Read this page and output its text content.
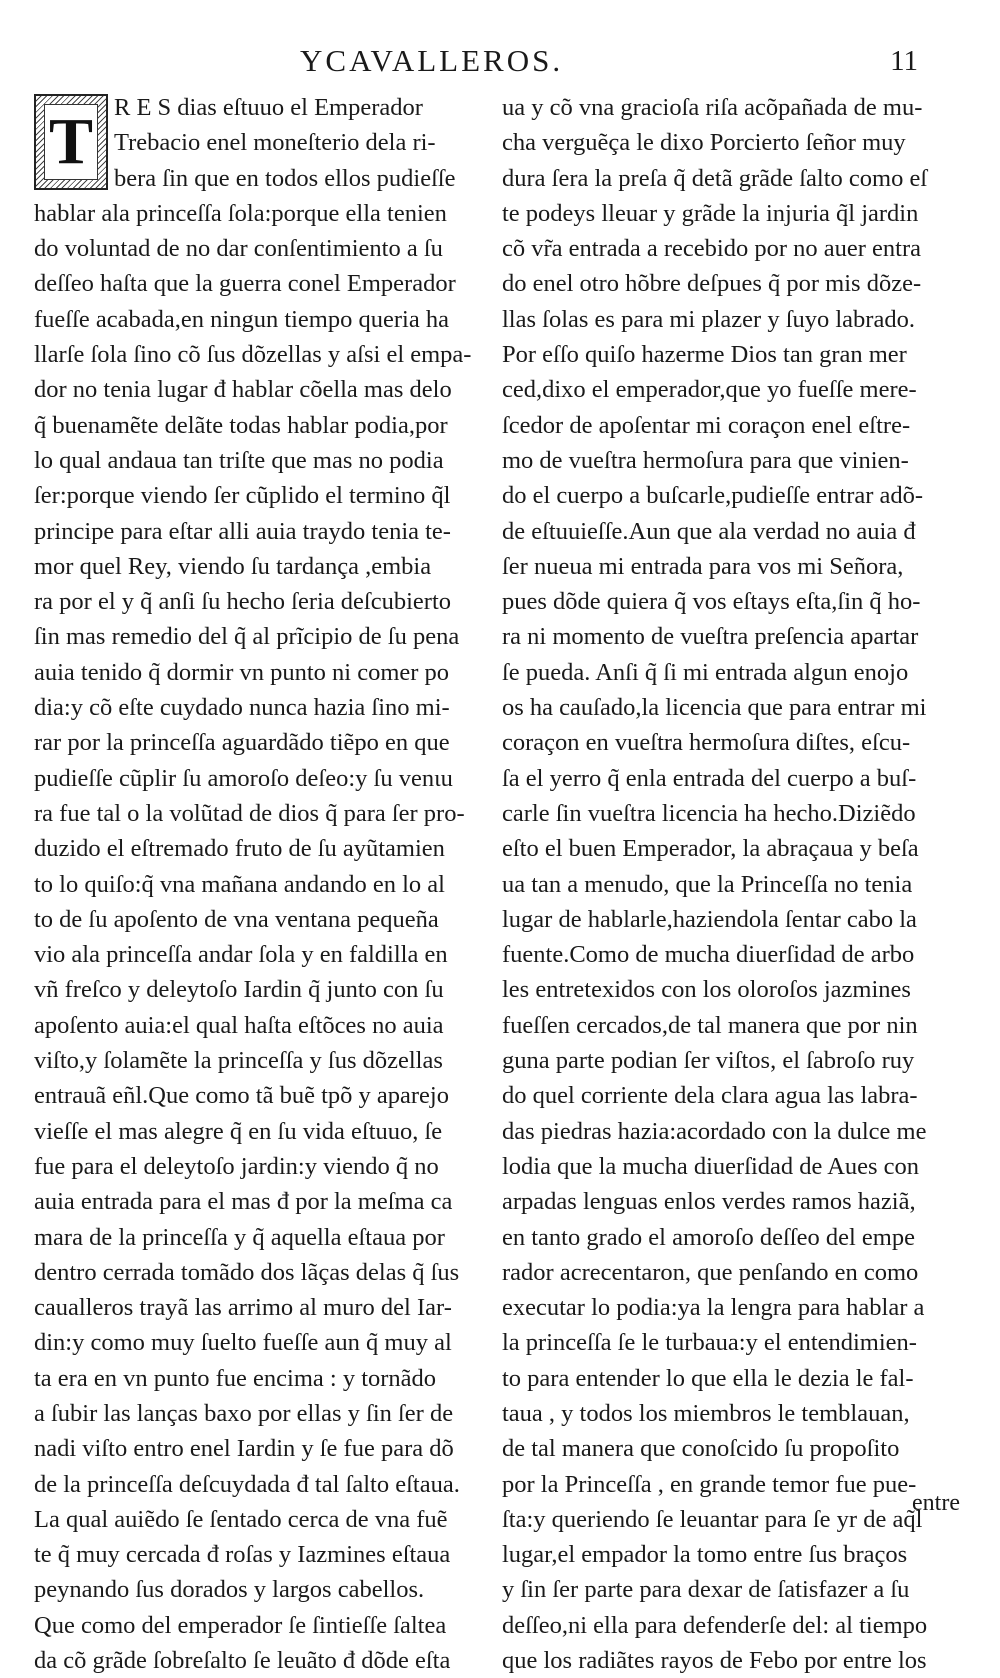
YCAVALLEROS.	11
T R E S dias eſtuuo el Emperador
Trebacio enel moneſterio dela ri-
bera ſin que en todos ellos pudieſſe
hablar ala princeſſa ſola:porque ella tenien
do voluntad de no dar conſentimiento a ſu
deſſeo haſta que la guerra conel Emperador
fueſſe acabada,en ningun tiempo queria ha
llarſe ſola ſino cõ ſus dõzellas y aſsi el empa-
dor no tenia lugar đ hablar cõella mas delo
q̃ buenamẽte delãte todas hablar podia,por
lo qual andaua tan triſte que mas no podia
ſer:porque viendo ſer cũplido el termino q̃l
principe para eſtar alli auia traydo tenia te-
mor quel Rey, viendo ſu tardança ,embia
ra por el y q̃ anſi ſu hecho ſeria deſcubierto
ſin mas remedio del q̃ al prĩcipio de ſu pena
auia tenido q̃ dormir vn punto ni comer po
dia:y cõ eſte cuydado nunca hazia ſino mi-
rar por la princeſſa aguardãdo tiẽpo en que
pudieſſe cũplir ſu amoroſo deſeo:y ſu venιu
ra fue tal o la volũtad de dios q̃ para ſer pro-
duzido el eſtremado fruto de ſu ayũtamien
to lo quiſo:q̃ vna mañana andando en lo al
to de ſu apoſento de vna ventana pequeña
vio ala princeſſa andar ſola y en faldilla en
vñ freſco y deleytoſo Iardin q̃ junto con ſu
apoſento auia:el qual haſta eſtõces no auia
viſto,y ſolamẽte la princeſſa y ſus dõzellas
entrauã eñl.Que como tã buẽ tpõ y aparejo
vieſſe el mas alegre q̃ en ſu vida eſtuuo, ſe
fue para el deleytoſo jardin:y viendo q̃ no
auia entrada para el mas đ por la meſma ca
mara de la princeſſa y q̃ aquella eſtaua por
dentro cerrada tomãdo dos lãças delas q̃ ſus
caualleros trayã las arrimo al muro del Iar-
din:y como muy ſuelto fueſſe aun q̃ muy al
ta era en vn punto fue encima : y tornãdo
a ſubir las lanças baxo por ellas y ſin ſer de
nadi viſto entro enel Iardin y ſe fue para dõ
de la princeſſa deſcuydada đ tal ſalto eſtaua.
La qual auiẽdo ſe ſentado cerca de vna fuẽ
te q̃ muy cercada đ roſas y Iazmines eſtaua
peynando ſus dorados y largos cabellos.
Que como del emperador ſe ſintieſſe ſaltea
da cõ grãde ſobreſalto ſe leuãto đ dõde eſta
ua y cõ vna gracioſa riſa acõpañada de mu-
cha verguẽça le dixo Porcierto ſeñor muy
dura ſera la preſa q̃ detã grãde ſalto como eſ
te podeys lleuar y grãde la injuria q̃l jardin
cõ vr̃a entrada a recebido por no auer entra
do enel otro hõbre deſpues q̃ por mis dõze-
llas ſolas es para mi plazer y ſuyo labrado.
Por eſſo quiſo hazerme Dios tan gran mer
ced,dixo el emperador,que yo fueſſe mere-
ſcedor de apoſentar mi coraçon enel eſtre-
mo de vueſtra hermoſura para que vinien-
do el cuerpo a buſcarle,pudieſſe entrar adõ-
de eſtuuieſſe.Aun que ala verdad no auia đ
ſer nueua mi entrada para vos mi Señora,
pues dõde quiera q̃ vos eſtays eſta,ſin q̃ ho-
ra ni momento de vueſtra preſencia apartar
ſe pueda. Anſi q̃ ſi mi entrada algun enojo
os ha cauſado,la licencia que para entrar mi
coraçon en vueſtra hermoſura diſtes, eſcu-
ſa el yerro q̃ enla entrada del cuerpo a buſ-
carle ſin vueſtra licencia ha hecho.Diziẽdo
eſto el buen Emperador, la abraçaua y beſa
ua tan a menudo, que la Princeſſa no tenia
lugar de hablarle,haziendola ſentar cabo la
fuente.Como de mucha diuerſidad de arbo
les entretexidos con los oloroſos jazmines
fueſſen cercados,de tal manera que por nin
guna parte podian ſer viſtos, el ſabroſo ruy
do quel corriente dela clara agua las labra-
das piedras hazia:acordado con la dulce me
lodia que la mucha diuerſidad de Aues con
arpadas lenguas enlos verdes ramos haziã,
en tanto grado el amoroſo deſſeo del empe
rador acrecentaron, que penſando en como
executar lo podia:ya la lengra para hablar a
la princeſſa ſe le turbaua:y el entendimien-
to para entender lo que ella le dezia le fal-
taua , y todos los miembros le temblauan,
de tal manera que conoſcido ſu propoſito
por la Princeſſa , en grande temor fue pue-
ſta:y queriendo ſe leuantar para ſe yr de aq̃l
lugar,el empador la tomo entre ſus braços
y ſin ſer parte para dexar de ſatisfazer a ſu
deſſeo,ni ella para defenderſe del: al tiempo
que los radiãtes rayos de Febo por entre los
entre
